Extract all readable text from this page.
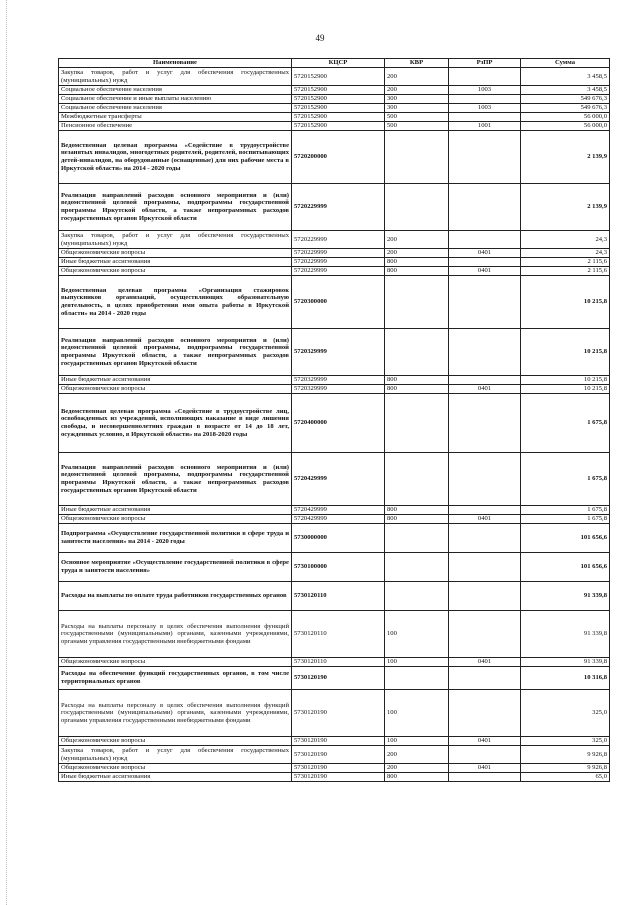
49
Наименование	КЦСР	КВР	РзПР	Сумма
Закупка товаров, работ и услуг для обеспечения государственных (муниципальных) нужд	5720152900	200		3 458,5
Социальное обеспечение населения	5720152900	200	1003	3 458,5
Социальное обеспечение и иные выплаты населению	5720152900	300		549 676,3
Социальное обеспечение населения	5720152900	300	1003	549 676,3
Межбюджетные трансферты	5720152900	500		56 000,0
Пенсионное обеспечение	5720152900	500	1001	56 000,0
Ведомственная целевая программа «Содействие в трудоустройстве незанятых инвалидов, многодетных родителей, родителей, воспитывающих детей-инвалидов, на оборудованные (оснащенные) для них рабочие места в Иркутской области» на 2014 - 2020 годы	5720200000			2 139,9
Реализация направлений расходов основного мероприятия и (или) ведомственной целевой программы, подпрограммы государственной программы Иркутской области, а также непрограммных расходов государственных органов Иркутской области	5720229999			2 139,9
Закупка товаров, работ и услуг для обеспечения государственных (муниципальных) нужд	5720229999	200		24,3
Общеэкономические вопросы	5720229999	200	0401	24,3
Иные бюджетные ассигнования	5720229999	800		2 115,6
Общеэкономические вопросы	5720229999	800	0401	2 115,6
Ведомственная целевая программа «Организация стажировок выпускников организаций, осуществляющих образовательную деятельность, в целях приобретения ими опыта работы в Иркутской области» на 2014 - 2020 годы	5720300000			10 215,8
Реализация направлений расходов основного мероприятия и (или) ведомственной целевой программы, подпрограммы государственной программы Иркутской области, а также непрограммных расходов государственных органов Иркутской области	5720329999			10 215,8
Иные бюджетные ассигнования	5720329999	800		10 215,8
Общеэкономические вопросы	5720329999	800	0401	10 215,8
Ведомственная целевая программа «Содействие в трудоустройстве лиц, освобожденных из учреждений, исполняющих наказание в виде лишения свободы, и несовершеннолетних граждан в возрасте от 14 до 18 лет, осужденных условно, в Иркутской области» на 2018-2020 годы	5720400000			1 675,8
Реализация направлений расходов основного мероприятия и (или) ведомственной целевой программы, подпрограммы государственной программы Иркутской области, а также непрограммных расходов государственных органов Иркутской области	5720429999			1 675,8
Иные бюджетные ассигнования	5720429999	800		1 675,8
Общеэкономические вопросы	5720429999	800	0401	1 675,8
Подпрограмма «Осуществление государственной политики в сфере труда и занятости населения» на 2014 - 2020 годы	5730000000			101 656,6
Основное мероприятие «Осуществление государственной политики в сфере труда и занятости населения»	5730100000			101 656,6
Расходы на выплаты по оплате труда работников государственных органов	5730120110			91 339,8
Расходы на выплаты персоналу в целях обеспечения выполнения функций государственными (муниципальными) органами, казенными учреждениями, органами управления государственными внебюджетными фондами	5730120110	100		91 339,8
Общеэкономические вопросы	5730120110	100	0401	91 339,8
Расходы на обеспечение функций государственных органов, в том числе территориальных органов	5730120190			10 316,8
Расходы на выплаты персоналу в целях обеспечения выполнения функций государственными (муниципальными) органами, казенными учреждениями, органами управления государственными внебюджетными фондами	5730120190	100		325,0
Общеэкономические вопросы	5730120190	100	0401	325,0
Закупка товаров, работ и услуг для обеспечения государственных (муниципальных) нужд	5730120190	200		9 926,8
Общеэкономические вопросы	5730120190	200	0401	9 926,8
Иные бюджетные ассигнования	5730120190	800		65,0
